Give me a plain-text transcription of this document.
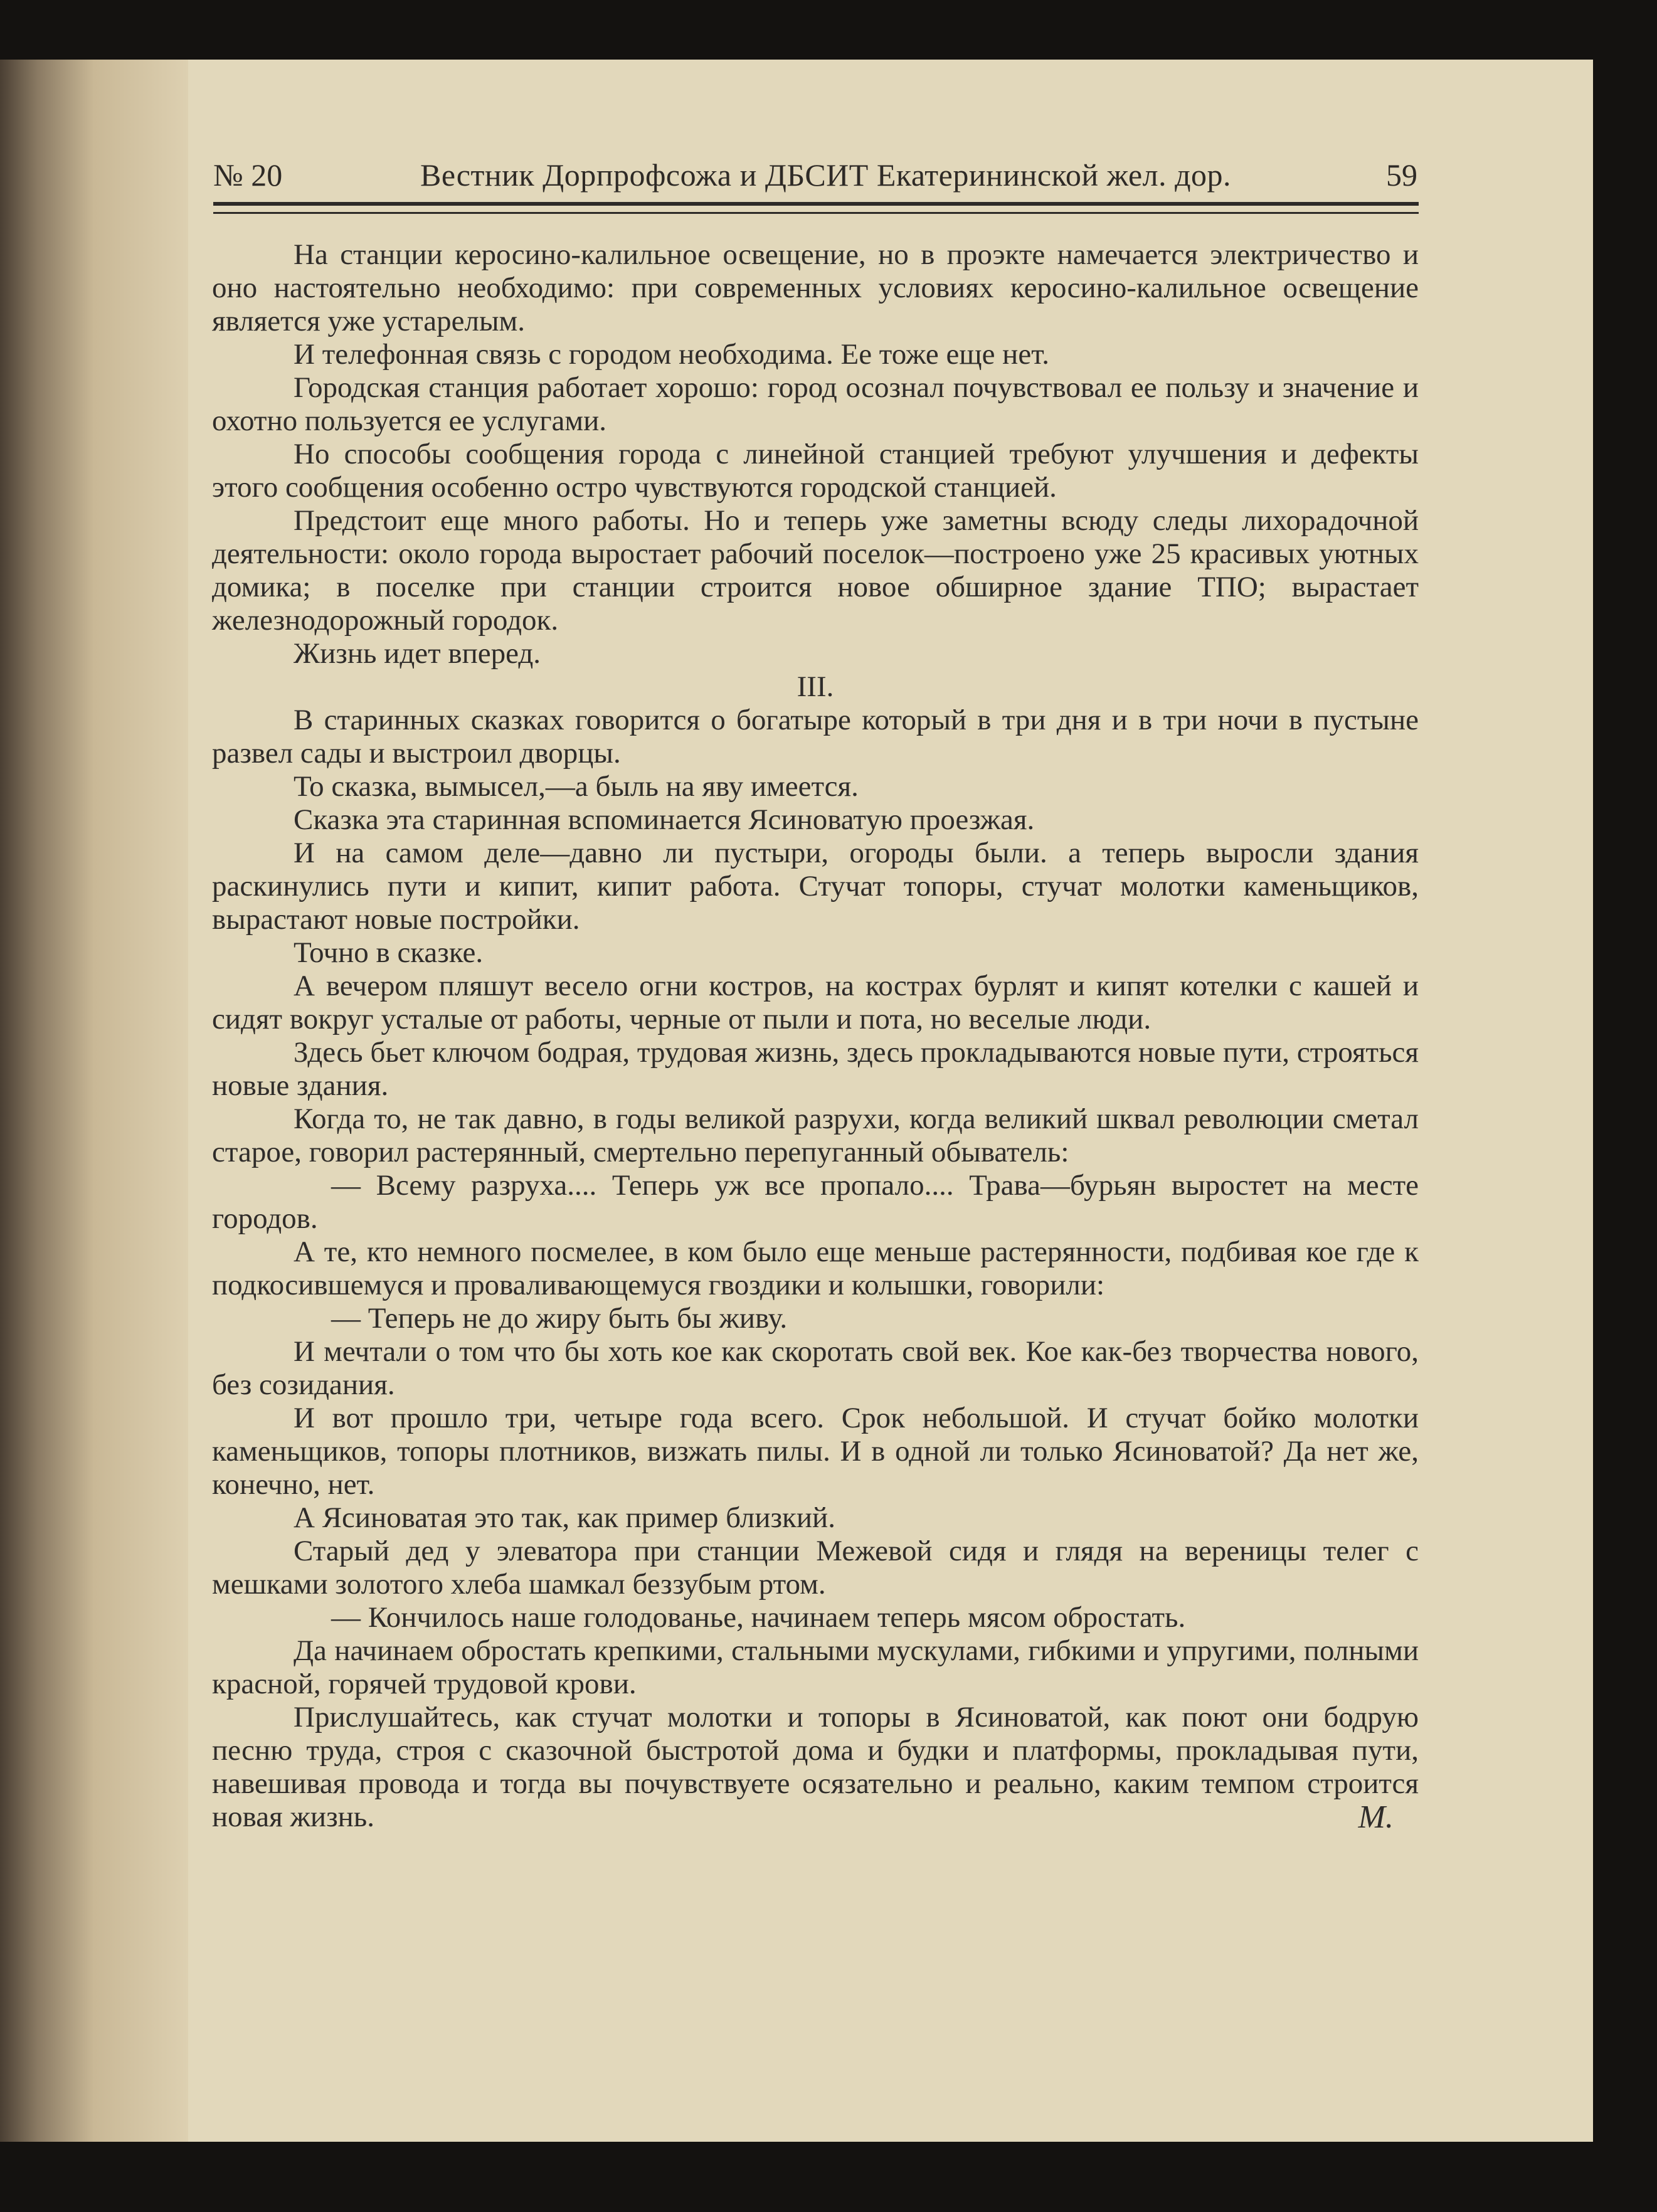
№ 20	Вестник Дорпрофсожа и ДБСИТ Екатерининской жел. дор.	59

На станции керосино-калильное освещение, но в проэкте намечается электричество и оно настоятельно необходимо: при современных условиях керосино-калильное освещение является уже устарелым.

И телефонная связь с городом необходима. Ее тоже еще нет.

Городская станция работает хорошо: город осознал почувствовал ее пользу и значение и охотно пользуется ее услугами.

Но способы сообщения города с линейной станцией требуют улучшения и дефекты этого сообщения особенно остро чувствуются городской станцией.

Предстоит еще много работы. Но и теперь уже заметны всюду следы лихорадочной деятельности: около города выростает рабочий поселок—построено уже 25 красивых уютных домика; в поселке при станции строится новое обширное здание ТПО; вырастает железнодорожный городок.

Жизнь идет вперед.

III.

В старинных сказках говорится о богатыре который в три дня и в три ночи в пустыне развел сады и выстроил дворцы.

То сказка, вымысел,—а быль на яву имеется.

Сказка эта старинная вспоминается Ясиноватую проезжая.

И на самом деле—давно ли пустыри, огороды были. а теперь выросли здания раскинулись пути и кипит, кипит работа. Стучат топоры, стучат молотки каменьщиков, вырастают новые постройки.

Точно в сказке.

А вечером пляшут весело огни костров, на кострах бурлят и кипят котелки с кашей и сидят вокруг усталые от работы, черные от пыли и пота, но веселые люди.

Здесь бьет ключом бодрая, трудовая жизнь, здесь прокладываются новые пути, строяться новые здания.

Когда то, не так давно, в годы великой разрухи, когда великий шквал революции сметал старое, говорил растерянный, смертельно перепуганный обыватель:

— Всему разруха.... Теперь уж все пропало.... Трава—бурьян выростет на месте городов.

А те, кто немного посмелее, в ком было еще меньше растерянности, подбивая кое где к подкосившемуся и проваливающемуся гвоздики и колышки, говорили:

— Теперь не до жиру быть бы живу.

И мечтали о том что бы хоть кое как скоротать свой век. Кое как-без творчества нового, без созидания.

И вот прошло три, четыре года всего. Срок небольшой. И стучат бойко молотки каменьщиков, топоры плотников, визжать пилы. И в одной ли только Ясиноватой? Да нет же, конечно, нет.

А Ясиноватая это так, как пример близкий.

Старый дед у элеватора при станции Межевой сидя и глядя на вереницы телег с мешками золотого хлеба шамкал беззубым ртом.

— Кончилось наше голодованье, начинаем теперь мясом обростать.

Да начинаем обростать крепкими, стальными мускулами, гибкими и упругими, полными красной, горячей трудовой крови.

Прислушайтесь, как стучат молотки и топоры в Ясиноватой, как поют они бодрую песню труда, строя с сказочной быстротой дома и будки и платформы, прокладывая пути, навешивая провода и тогда вы почувствуете осязательно и реально, каким темпом строится новая жизнь.	М.
